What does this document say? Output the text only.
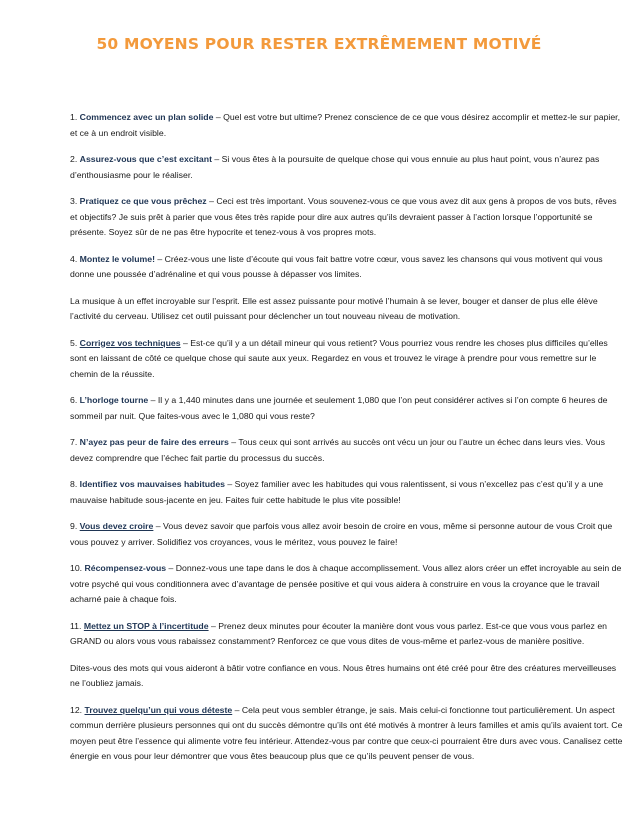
50 MOYENS POUR RESTER EXTRÊMEMENT MOTIVÉ

1. Commencez avec un plan solide – Quel est votre but ultime? Prenez conscience de ce que vous désirez accomplir et mettez-le sur papier, et ce à un endroit visible.

2. Assurez-vous que c’est excitant – Si vous êtes à la poursuite de quelque chose qui vous ennuie au plus haut point, vous n’aurez pas d’enthousiasme pour le réaliser.

3. Pratiquez ce que vous prêchez – Ceci est très important. Vous souvenez-vous ce que vous avez dit aux gens à propos de vos buts, rêves et objectifs? Je suis prêt à parier que vous êtes très rapide pour dire aux autres qu’ils devraient passer à l’action lorsque l’opportunité se présente. Soyez sûr de ne pas être hypocrite et tenez-vous à vos propres mots.

4. Montez le volume! – Créez-vous une liste d’écoute qui vous fait battre votre cœur, vous savez les chansons qui vous motivent qui vous donne une poussée d’adrénaline et qui vous pousse à dépasser vos limites.

La musique à un effet incroyable sur l’esprit. Elle est assez puissante pour motivé l’humain à se lever, bouger et danser de plus elle élève l’activité du cerveau. Utilisez cet outil puissant pour déclencher un tout nouveau niveau de motivation.

5. Corrigez vos techniques – Est-ce qu’il y a un détail mineur qui vous retient? Vous pourriez vous rendre les choses plus difficiles qu’elles sont en laissant de côté ce quelque chose qui saute aux yeux. Regardez en vous et trouvez le virage à prendre pour vous remettre sur le chemin de la réussite.

6. L’horloge tourne – Il y a 1,440 minutes dans une journée et seulement 1,080 que l’on peut considérer actives si l’on compte 6 heures de sommeil par nuit. Que faites-vous avec le 1,080 qui vous reste?

7. N’ayez pas peur de faire des erreurs – Tous ceux qui sont arrivés au succès ont vécu un jour ou l’autre un échec dans leurs vies. Vous devez comprendre que l’échec fait partie du processus du succès.

8. Identifiez vos mauvaises habitudes – Soyez familier avec les habitudes qui vous ralentissent, si vous n’excellez pas c’est qu’il y a une mauvaise habitude sous-jacente en jeu. Faites fuir cette habitude le plus vite possible!

9. Vous devez croire – Vous devez savoir que parfois vous allez avoir besoin de croire en vous, même si personne autour de vous Croit que vous pouvez y arriver. Solidifiez vos croyances, vous le méritez, vous pouvez le faire!

10. Récompensez-vous – Donnez-vous une tape dans le dos à chaque accomplissement. Vous allez alors créer un effet incroyable au sein de votre psyché qui vous conditionnera avec d’avantage de pensée positive et qui vous aidera à construire en vous la croyance que le travail acharné paie à chaque fois.

11. Mettez un STOP à l’incertitude – Prenez deux minutes pour écouter la manière dont vous vous parlez. Est-ce que vous vous parlez en GRAND ou alors vous vous rabaissez constamment? Renforcez ce que vous dites de vous-même et parlez-vous de manière positive.

Dites-vous des mots qui vous aideront à bâtir votre confiance en vous. Nous êtres humains ont été créé pour être des créatures merveilleuses ne l’oubliez jamais.

12. Trouvez quelqu’un qui vous déteste – Cela peut vous sembler étrange, je sais. Mais celui-ci fonctionne tout particulièrement. Un aspect commun derrière plusieurs personnes qui ont du succès démontre qu’ils ont été motivés à montrer à leurs familles et amis qu’ils avaient tort. Ce moyen peut être l’essence qui alimente votre feu intérieur. Attendez-vous par contre que ceux-ci pourraient être durs avec vous. Canalisez cette énergie en vous pour leur démontrer que vous êtes beaucoup plus que ce qu’ils peuvent penser de vous.
